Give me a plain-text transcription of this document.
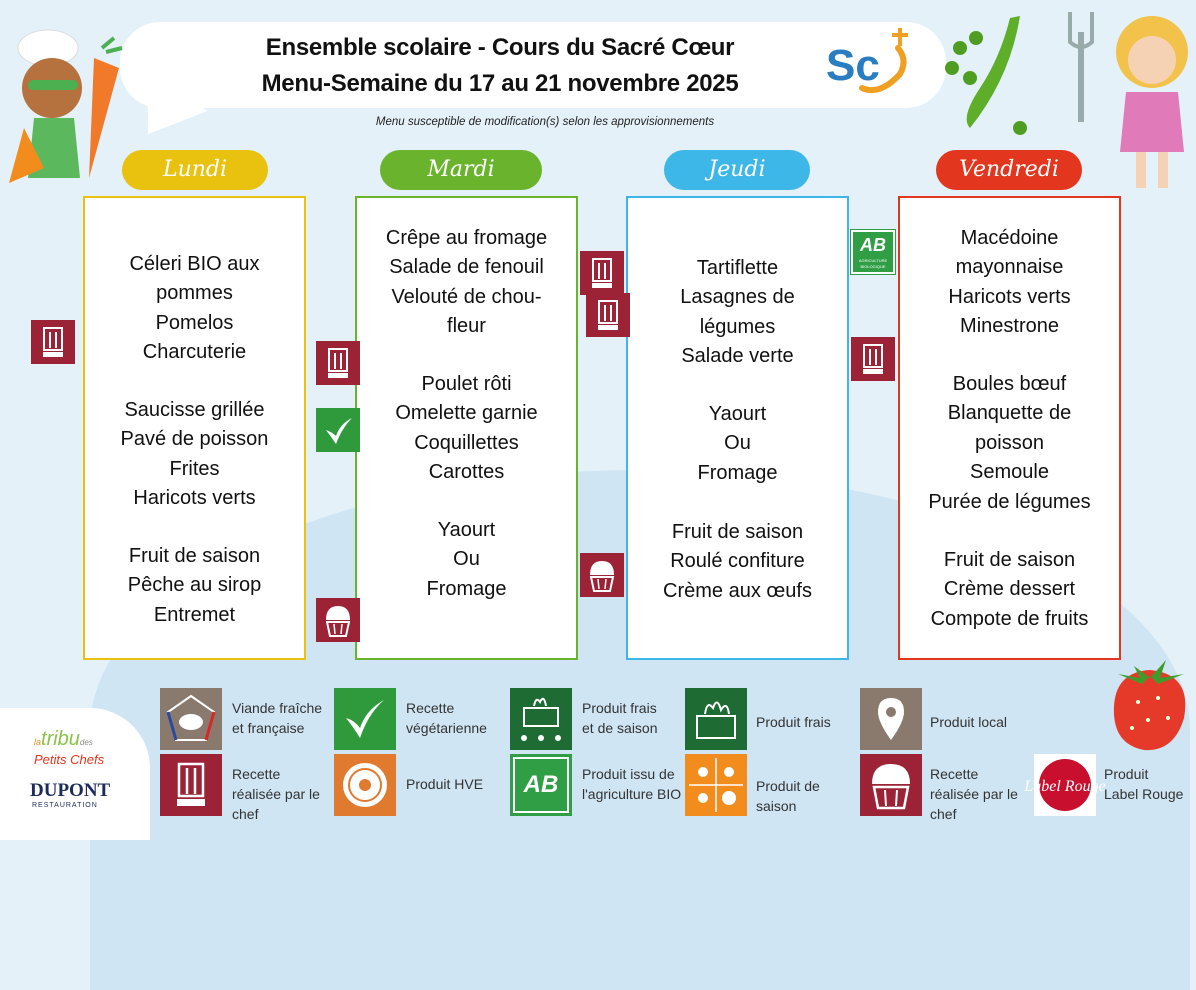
Ensemble scolaire - Cours du Sacré Cœur
Menu-Semaine du 17 au 21 novembre 2025
Menu susceptible de modification(s) selon les approvisionnements
Sc
Lundi	Mardi	Jeudi	Vendredi
Céleri BIO aux
pommes
Pomelos
Charcuterie
Saucisse grillée
Pavé de poisson
Frites
Haricots verts
Fruit de saison
Pêche au sirop
Entremet
Crêpe au fromage
Salade de fenouil
Velouté de chou-
fleur
Poulet rôti
Omelette garnie
Coquillettes
Carottes
Yaourt
Ou
Fromage
Tartiflette
Lasagnes de
légumes
Salade verte
Yaourt
Ou
Fromage
Fruit de saison
Roulé confiture
Crème aux œufs
Macédoine
mayonnaise
Haricots verts
Minestrone
Boules bœuf
Blanquette de
poisson
Semoule
Purée de légumes
Fruit de saison
Crème dessert
Compote de fruits
AB
AGRICULTURE BIOLOGIQUE
latribudes
Petits Chefs
DUPONT
RESTAURATION
Viande fraîche et française
Recette réalisée par le chef
Recette végétarienne
Produit HVE
Produit frais et de saison
AB Produit issu de l'agriculture BIO
Produit frais
Produit de saison
Produit local
Recette réalisée par le chef
Label Rouge
Produit Label Rouge
